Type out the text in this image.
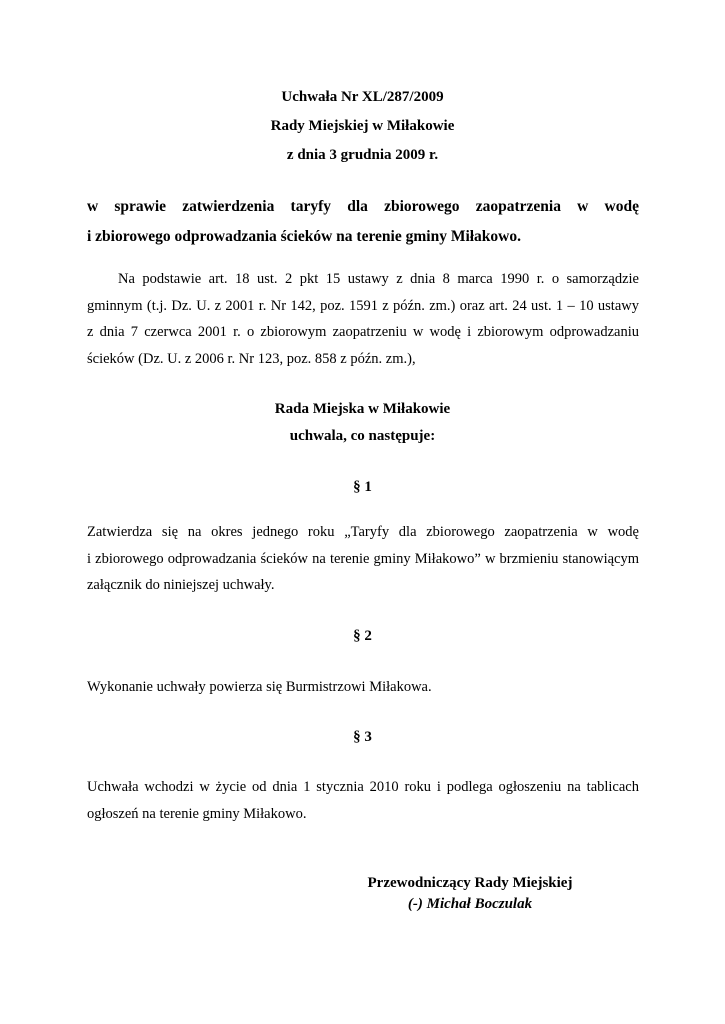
Uchwała Nr XL/287/2009
Rady Miejskiej w Miłakowie
z dnia 3 grudnia 2009 r.
w sprawie zatwierdzenia taryfy dla zbiorowego zaopatrzenia w wodę
i zbiorowego odprowadzania ścieków na terenie gminy Miłakowo.
Na podstawie art. 18 ust. 2 pkt 15 ustawy z dnia 8 marca 1990 r. o samorządzie
gminnym (t.j. Dz. U. z 2001 r. Nr 142, poz. 1591 z późn. zm.) oraz art. 24 ust. 1 – 10 ustawy
z dnia 7 czerwca 2001 r. o zbiorowym zaopatrzeniu w wodę i zbiorowym odprowadzaniu
ścieków (Dz. U. z 2006 r. Nr 123, poz. 858 z późn. zm.),
Rada Miejska w Miłakowie
uchwala, co następuje:
§ 1
Zatwierdza się na okres jednego roku „Taryfy dla zbiorowego zaopatrzenia w wodę
i zbiorowego odprowadzania ścieków na terenie gminy Miłakowo” w brzmieniu stanowiącym
załącznik do niniejszej uchwały.
§ 2
Wykonanie uchwały powierza się Burmistrzowi Miłakowa.
§ 3
Uchwała wchodzi w życie od dnia 1 stycznia 2010 roku i podlega ogłoszeniu na tablicach
ogłoszeń na terenie gminy Miłakowo.
Przewodniczący Rady Miejskiej
(-) Michał Boczulak
